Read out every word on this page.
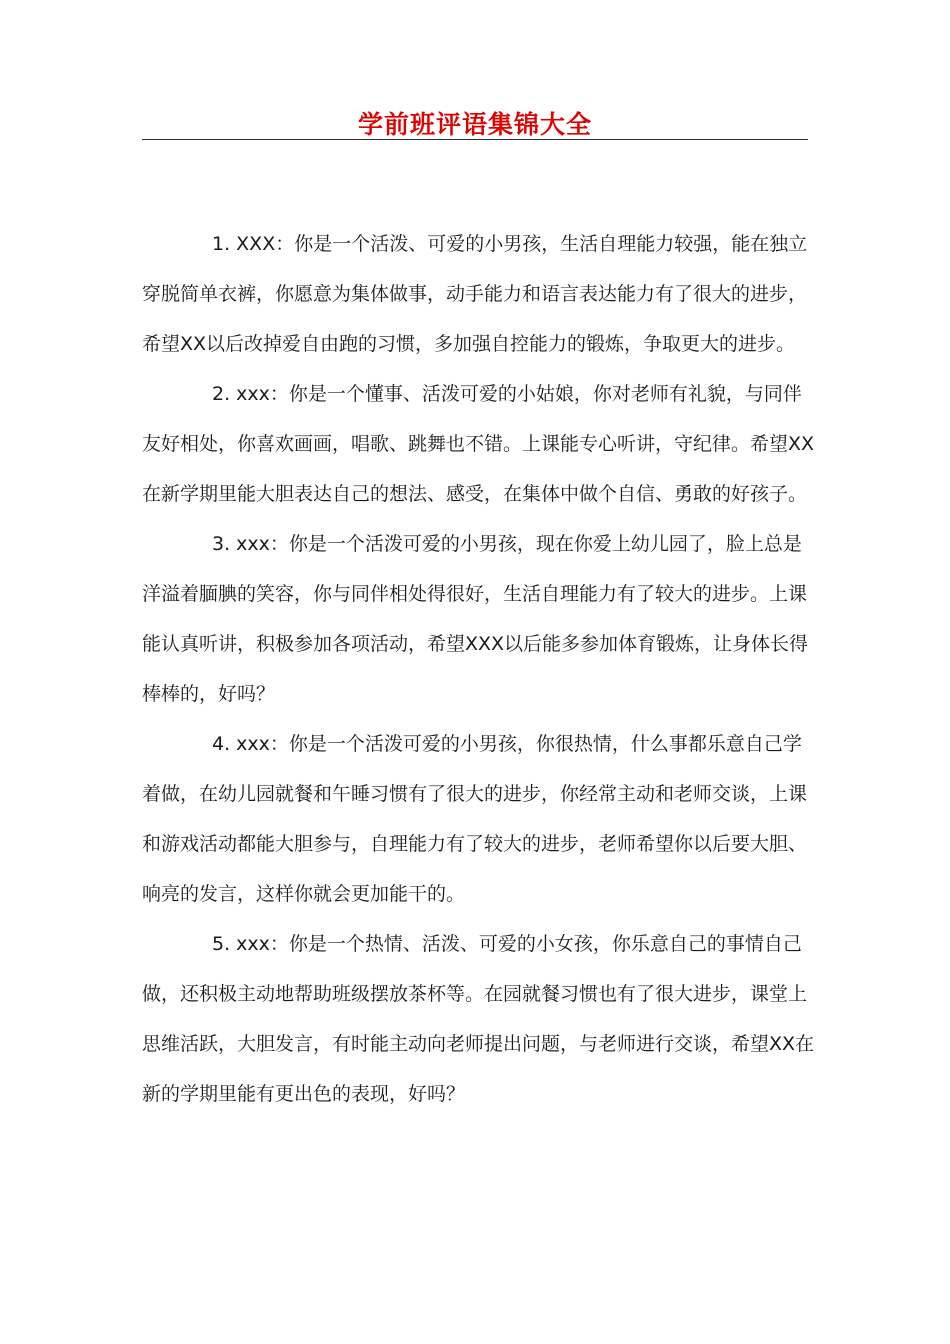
学前班评语集锦大全

1. XXX：你是一个活泼、可爱的小男孩，生活自理能力较强，能在独立穿脱简单衣裤，你愿意为集体做事，动手能力和语言表达能力有了很大的进步，希望XX以后改掉爱自由跑的习惯，多加强自控能力的锻炼，争取更大的进步。

2. xxx：你是一个懂事、活泼可爱的小姑娘，你对老师有礼貌，与同伴友好相处，你喜欢画画，唱歌、跳舞也不错。上课能专心听讲，守纪律。希望XX在新学期里能大胆表达自己的想法、感受，在集体中做个自信、勇敢的好孩子。

3. xxx：你是一个活泼可爱的小男孩，现在你爱上幼儿园了，脸上总是洋溢着腼腆的笑容，你与同伴相处得很好，生活自理能力有了较大的进步。上课能认真听讲，积极参加各项活动，希望XXX以后能多参加体育锻炼，让身体长得棒棒的，好吗？

4. xxx：你是一个活泼可爱的小男孩，你很热情，什么事都乐意自己学着做，在幼儿园就餐和午睡习惯有了很大的进步，你经常主动和老师交谈，上课和游戏活动都能大胆参与，自理能力有了较大的进步，老师希望你以后要大胆、响亮的发言，这样你就会更加能干的。

5. xxx：你是一个热情、活泼、可爱的小女孩，你乐意自己的事情自己做，还积极主动地帮助班级摆放茶杯等。在园就餐习惯也有了很大进步，课堂上思维活跃，大胆发言，有时能主动向老师提出问题，与老师进行交谈，希望XX在新的学期里能有更出色的表现，好吗？
